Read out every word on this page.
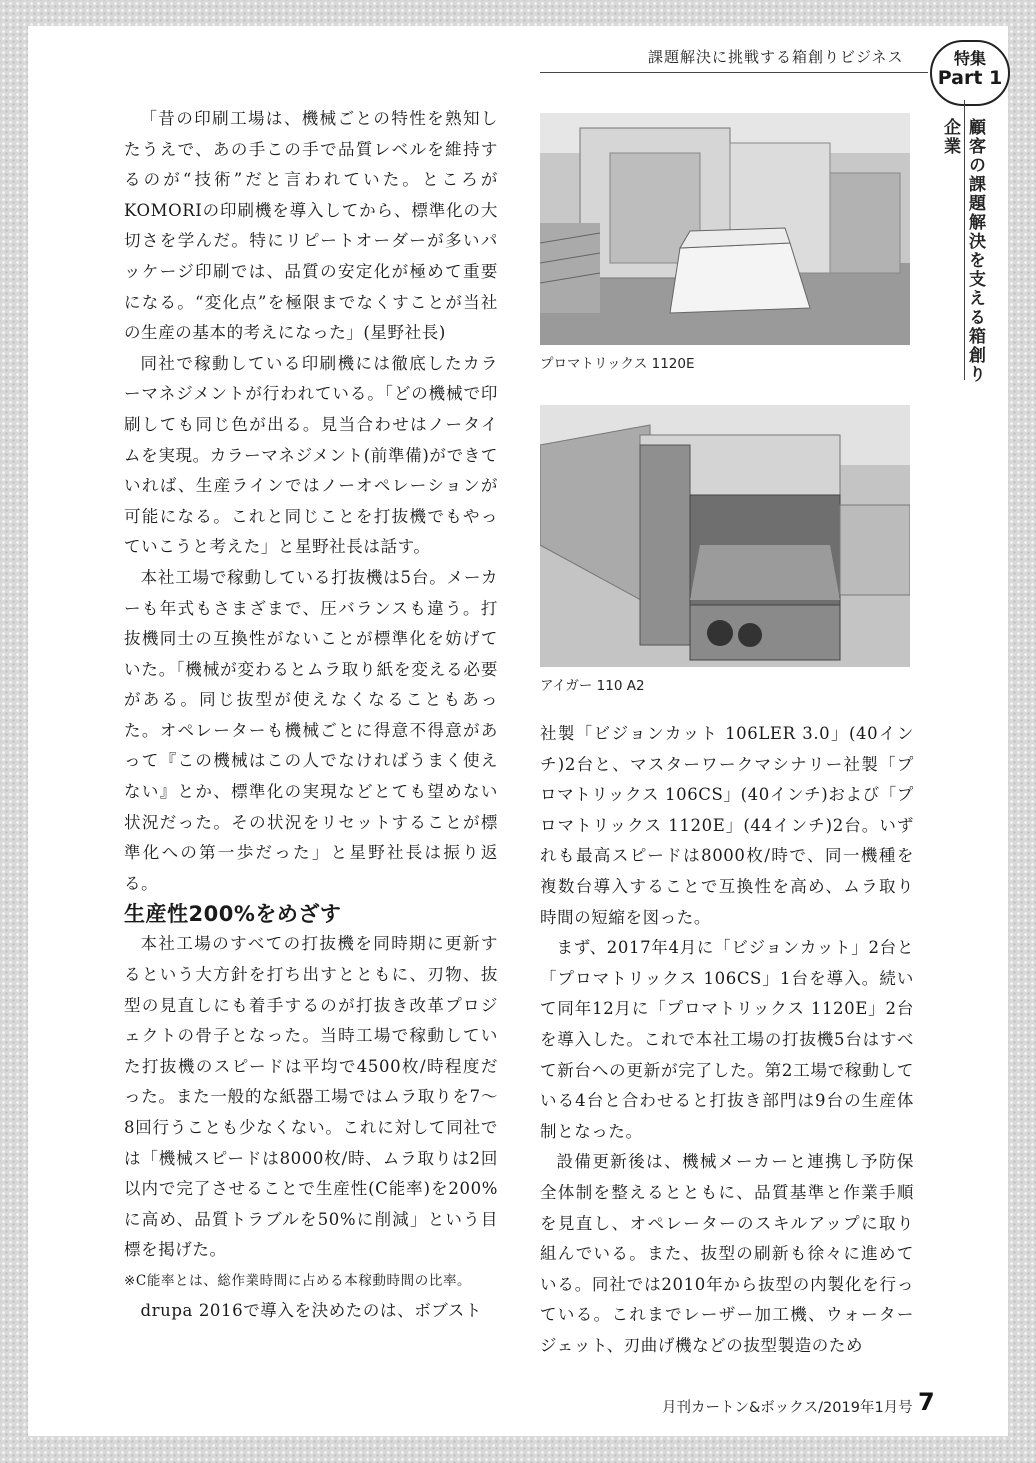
課題解決に挑戦する箱創りビジネス	特集
Part 1
顧客の課題解決を支える箱創り企業

「昔の印刷工場は、機械ごとの特性を熟知したうえで、あの手この手で品質レベルを維持するのが“技術”だと言われていた。ところがKOMORIの印刷機を導入してから、標準化の大切さを学んだ。特にリピートオーダーが多いパッケージ印刷では、品質の安定化が極めて重要になる。“変化点”を極限までなくすことが当社の生産の基本的考えになった」(星野社長)

同社で稼動している印刷機には徹底したカラーマネジメントが行われている。「どの機械で印刷しても同じ色が出る。見当合わせはノータイムを実現。カラーマネジメント(前準備)ができていれば、生産ラインではノーオペレーションが可能になる。これと同じことを打抜機でもやっていこうと考えた」と星野社長は話す。

本社工場で稼動している打抜機は5台。メーカーも年式もさまざまで、圧バランスも違う。打抜機同士の互換性がないことが標準化を妨げていた。「機械が変わるとムラ取り紙を変える必要がある。同じ抜型が使えなくなることもあった。オペレーターも機械ごとに得意不得意があって『この機械はこの人でなければうまく使えない』とか、標準化の実現などとても望めない状況だった。その状況をリセットすることが標準化への第一歩だった」と星野社長は振り返る。

生産性200%をめざす

本社工場のすべての打抜機を同時期に更新するという大方針を打ち出すとともに、刃物、抜型の見直しにも着手するのが打抜き改革プロジェクトの骨子となった。当時工場で稼動していた打抜機のスピードは平均で4500枚/時程度だった。また一般的な紙器工場ではムラ取りを7〜8回行うことも少なくない。これに対して同社では「機械スピードは8000枚/時、ムラ取りは2回以内で完了させることで生産性(C能率)を200%に高め、品質トラブルを50%に削減」という目標を掲げた。

※C能率とは、総作業時間に占める本稼動時間の比率。

drupa 2016で導入を決めたのは、ボブスト

プロマトリックス 1120E
アイガー 110 A2

社製「ビジョンカット 106LER 3.0」(40インチ)2台と、マスターワークマシナリー社製「プロマトリックス 106CS」(40インチ)および「プロマトリックス 1120E」(44インチ)2台。いずれも最高スピードは8000枚/時で、同一機種を複数台導入することで互換性を高め、ムラ取り時間の短縮を図った。

まず、2017年4月に「ビジョンカット」2台と「プロマトリックス 106CS」1台を導入。続いて同年12月に「プロマトリックス 1120E」2台を導入した。これで本社工場の打抜機5台はすべて新台への更新が完了した。第2工場で稼動している4台と合わせると打抜き部門は9台の生産体制となった。

設備更新後は、機械メーカーと連携し予防保全体制を整えるとともに、品質基準と作業手順を見直し、オペレーターのスキルアップに取り組んでいる。また、抜型の刷新も徐々に進めている。同社では2010年から抜型の内製化を行っている。これまでレーザー加工機、ウォータージェット、刃曲げ機などの抜型製造のため

月刊カートン&ボックス/2019年1月号 7
